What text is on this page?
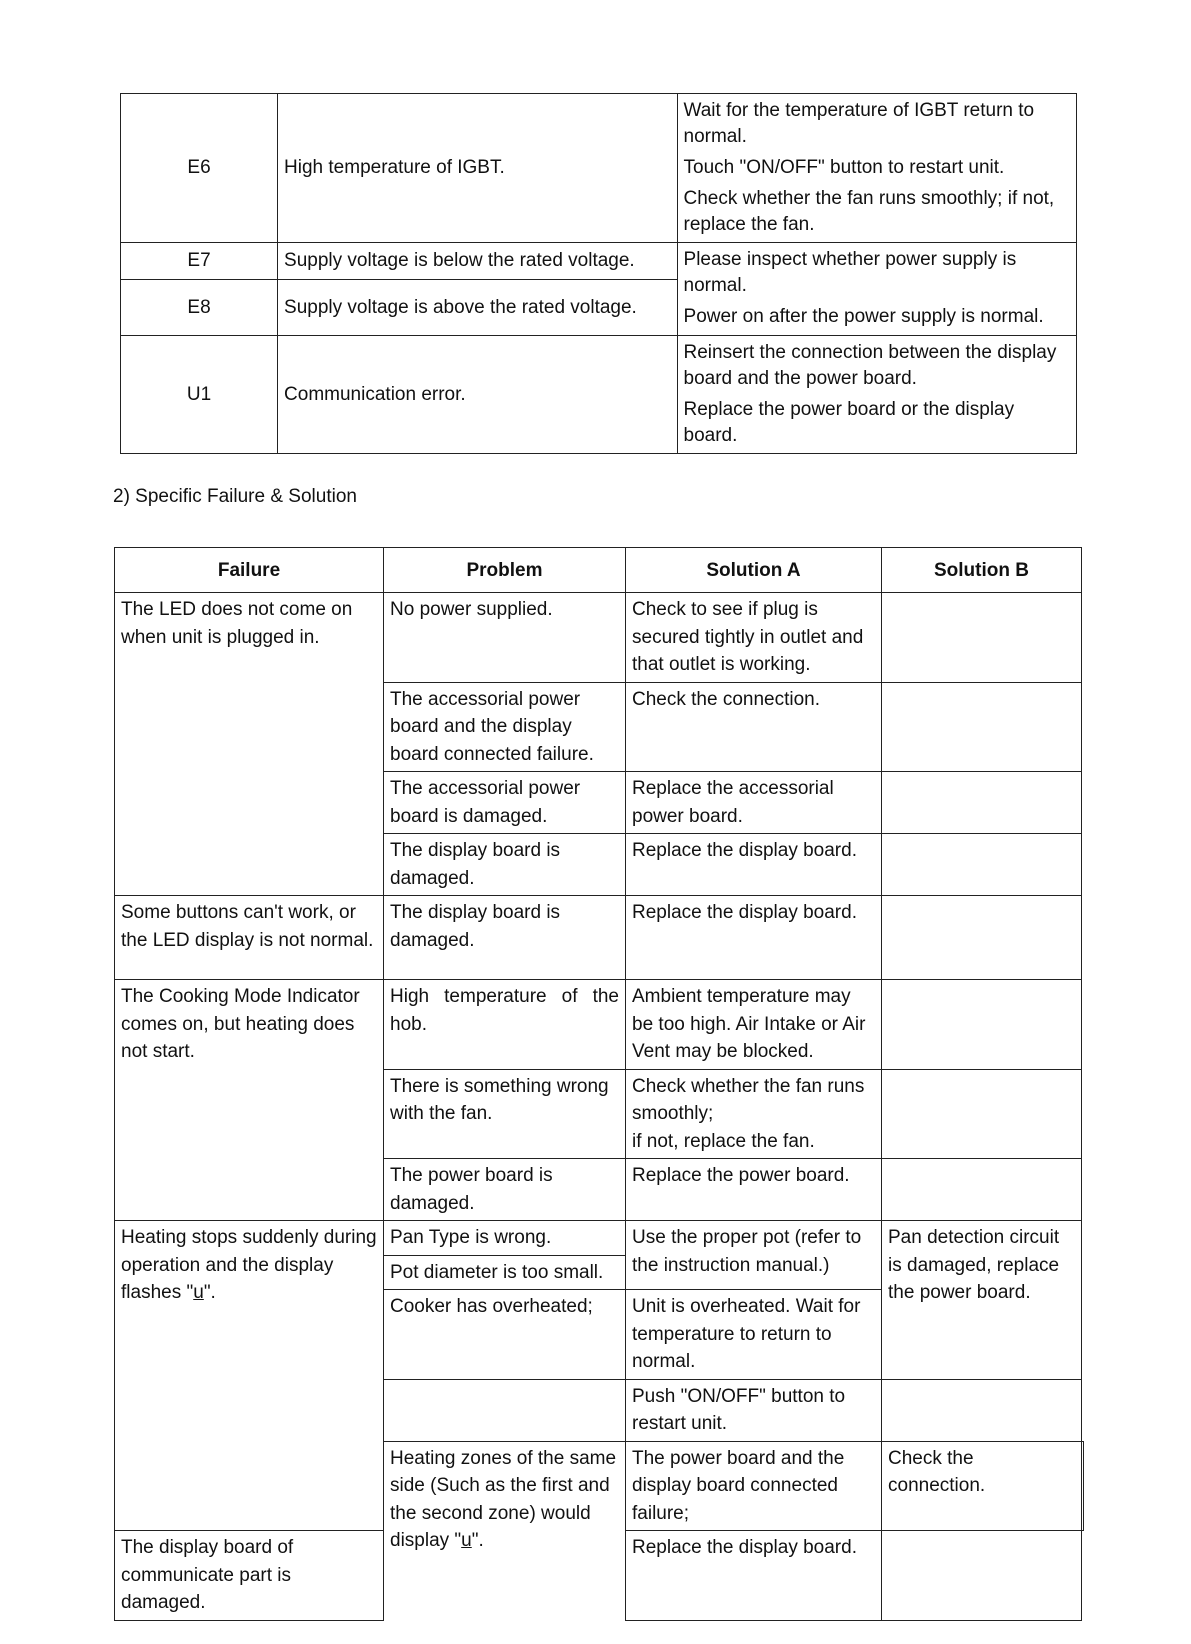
E6	High temperature of IGBT.	Wait for the temperature of IGBT return to normal.

Touch "ON/OFF" button to restart unit.

Check whether the fan runs smoothly; if not, replace the fan.

E7	Supply voltage is below the rated voltage.	Please inspect whether power supply is normal.

Power on after the power supply is normal.

E8	Supply voltage is above the rated voltage.	
U1	Communication error.	Reinsert the connection between the display board and the power board.

Replace the power board or the display board.

2) Specific Failure & Solution

Failure	Problem	Solution A	Solution B	
The LED does not come on when unit is plugged in.	No power supplied.	Check to see if plug is secured tightly in outlet and that outlet is working.		
	The accessorial power board and the display board connected failure.	Check the connection.		
	The accessorial power board is damaged.	Replace the accessorial power board.		
	The display board is damaged.	Replace the display board.		
Some buttons can't work, or the LED display is not normal.	The display board is damaged.	Replace the display board.		
The Cooking Mode Indicator comes on, but heating does not start.	High temperature of the hob.	Ambient temperature may be too high. Air Intake or Air Vent may be blocked.		
	There is something wrong with the fan.	Check whether the fan runs smoothly;
if not, replace the fan.		

	The power board is damaged.	Replace the power board.		
Heating stops suddenly during operation and the display flashes "u".	Pan Type is wrong.	Use the proper pot (refer to the instruction manual.)	Pan detection circuit is damaged, replace the power board.	
	Pot diameter is too small.			
	Cooker has overheated;	Unit is overheated. Wait for temperature to return to normal.		
		Push "ON/OFF" button to restart unit.		
	Heating zones of the same side (Such as the first and the second zone) would display "u".	The power board and the display board connected failure;	Check the connection.	
The display board of communicate part is damaged.		Replace the display board.		
